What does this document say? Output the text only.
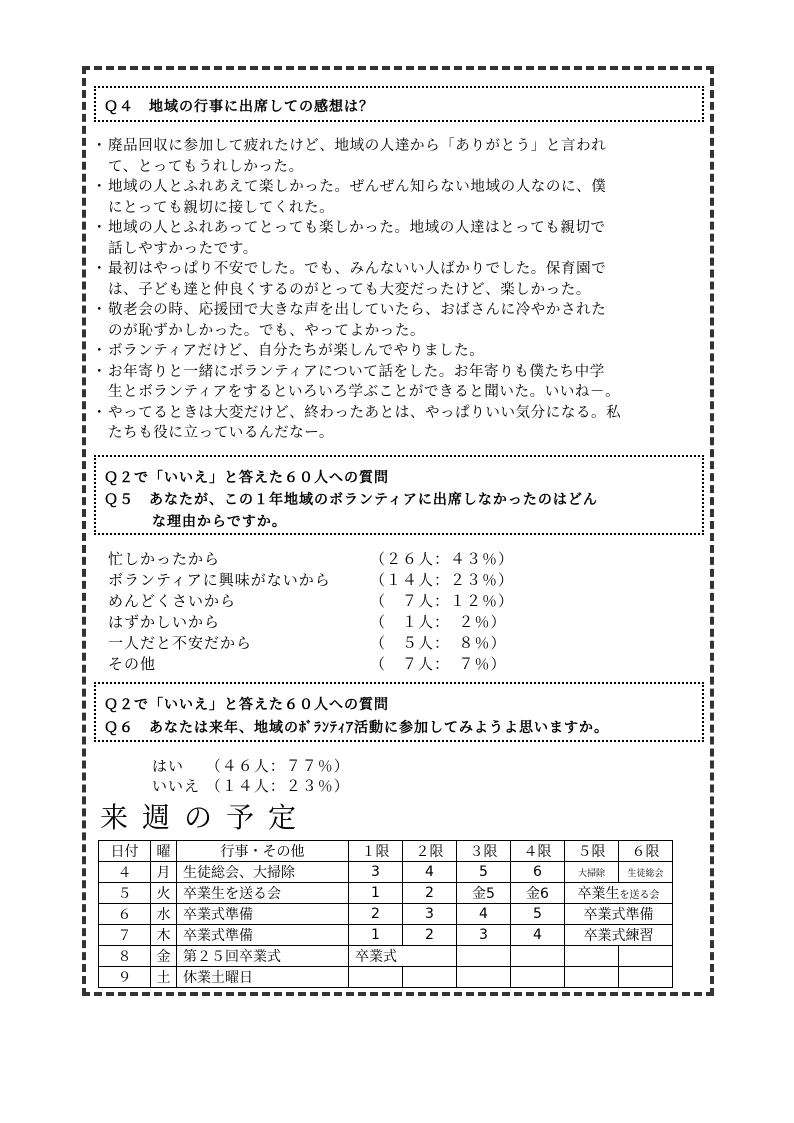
Ｑ４　地域の行事に出席しての感想は？
・ 廃品回収に参加して疲れたけど、地域の人達から「ありがとう」と言われ
て、とってもうれしかった。
・ 地域の人とふれあえて楽しかった。ぜんぜん知らない地域の人なのに、僕
にとっても親切に接してくれた。
・ 地域の人とふれあってとっても楽しかった。地域の人達はとっても親切で
話しやすかったです。
・ 最初はやっぱり不安でした。でも、みんないい人ばかりでした。保育園で
は、子ども達と仲良くするのがとっても大変だったけど、楽しかった。
・ 敬老会の時、応援団で大きな声を出していたら、おばさんに冷やかされた
のが恥ずかしかった。でも、やってよかった。
・ ボランティアだけど、自分たちが楽しんでやりました。
・ お年寄りと一緒にボランティアについて話をした。お年寄りも僕たち中学
生とボランティアをするといろいろ学ぶことができると聞いた。いいね－。
・ やってるときは大変だけど、終わったあとは、やっぱりいい気分になる。私
たちも役に立っているんだなー。
Ｑ２で「いいえ」と答えた６０人への質問
Ｑ５　あなたが、この１年地域のボランティアに出席しなかったのはどん
な理由からですか。
忙しかったから	（２６人：４３％）
ボランティアに興味がないから	（１４人：２３％）
めんどくさいから	（　７人：１２％）
はずかしいから	（　１人：　２％）
一人だと不安だから	（　５人：　８％）
その他	（　７人：　７％）
Ｑ２で「いいえ」と答えた６０人への質問
Ｑ６　あなたは来年、地域のﾎﾞﾗﾝﾃｨｱ活動に参加してみようよ思いますか。
はい （４６人：７７％）
いいえ （１４人：２３％）
来週の予定
日付	曜	行事・その他	１限	２限	３限	４限	５限	６限
４	月	生徒総会、大掃除	3	4	5	6	大掃除	生徒総会
５	火	卒業生を送る会	1	2	金5	金6	卒業生を送る会	
６	水	卒業式準備	2	3	4	5	卒業式準備	
７	木	卒業式準備	1	2	3	4	卒業式練習	
８	金	第２５回卒業式	卒業式					
９	土	休業土曜日						
